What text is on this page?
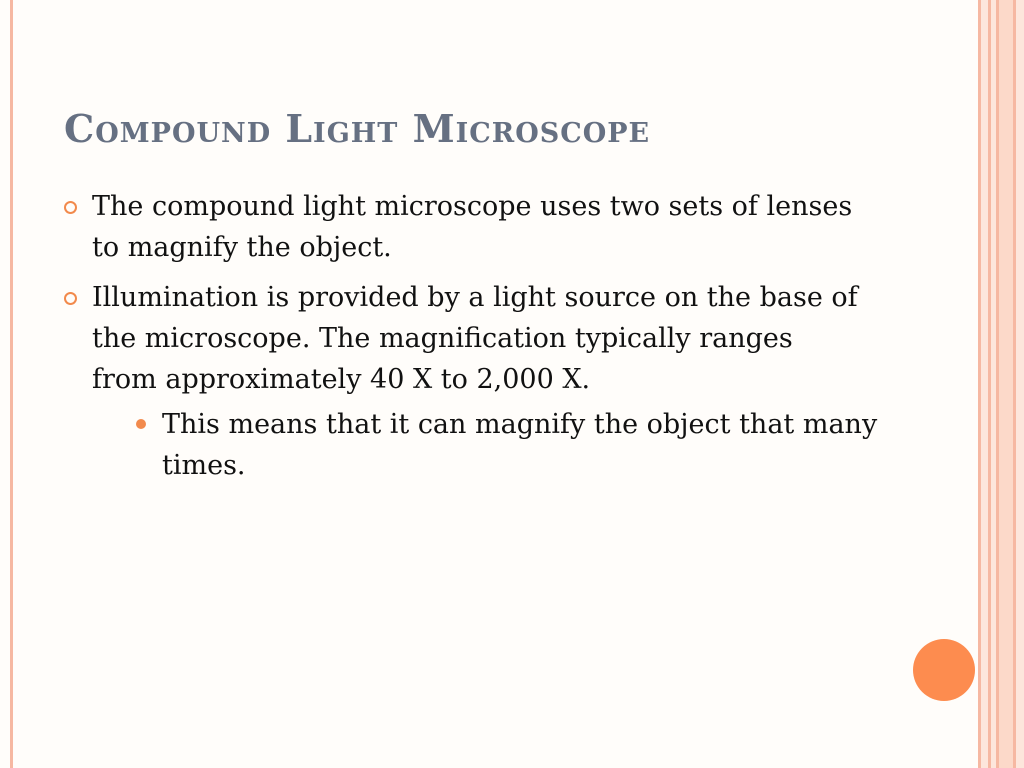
Compound Light Microscope
The compound light microscope uses two sets of lenses to magnify the object.
Illumination is provided by a light source on the base of the microscope. The magnification typically ranges from approximately 40 X to 2,000 X.
This means that it can magnify the object that many times.
